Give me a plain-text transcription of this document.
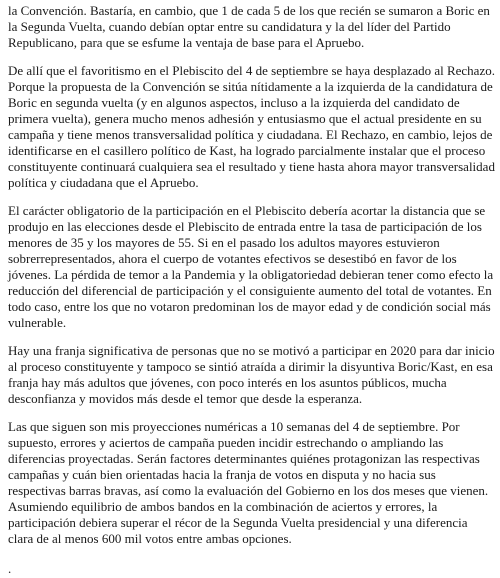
la Convención. Bastaría, en cambio, que 1 de cada 5 de los que recién se sumaron a Boric en la Segunda Vuelta, cuando debían optar entre su candidatura y la del líder del Partido Republicano, para que se esfume la ventaja de base para el Apruebo.

De allí que el favoritismo en el Plebiscito del 4 de septiembre se haya desplazado al Rechazo. Porque la propuesta de la Convención se sitúa nítidamente a la izquierda de la candidatura de Boric en segunda vuelta (y en algunos aspectos, incluso a la izquierda del candidato de primera vuelta), genera mucho menos adhesión y entusiasmo que el actual presidente en su campaña y tiene menos transversalidad política y ciudadana. El Rechazo, en cambio, lejos de identificarse en el casillero político de Kast, ha logrado parcialmente instalar que el proceso constituyente continuará cualquiera sea el resultado y tiene hasta ahora mayor transversalidad política y ciudadana que el Apruebo.

El carácter obligatorio de la participación en el Plebiscito debería acortar la distancia que se produjo en las elecciones desde el Plebiscito de entrada entre la tasa de participación de los menores de 35 y los mayores de 55. Si en el pasado los adultos mayores estuvieron sobrerrepresentados, ahora el cuerpo de votantes efectivos se desestibó en favor de los jóvenes. La pérdida de temor a la Pandemia y la obligatoriedad debieran tener como efecto la reducción del diferencial de participación y el consiguiente aumento del total de votantes. En todo caso, entre los que no votaron predominan los de mayor edad y de condición social más vulnerable.

Hay una franja significativa de personas que no se motivó a participar en 2020 para dar inicio al proceso constituyente y tampoco se sintió atraída a dirimir la disyuntiva Boric/Kast, en esa franja hay más adultos que jóvenes, con poco interés en los asuntos públicos, mucha desconfianza y movidos más desde el temor que desde la esperanza.

Las que siguen son mis proyecciones numéricas a 10 semanas del 4 de septiembre. Por supuesto, errores y aciertos de campaña pueden incidir estrechando o ampliando las diferencias proyectadas. Serán factores determinantes quiénes protagonizan las respectivas campañas y cuán bien orientadas hacia la franja de votos en disputa y no hacia sus respectivas barras bravas, así como la evaluación del Gobierno en los dos meses que vienen. Asumiendo equilibrio de ambos bandos en la combinación de aciertos y errores, la participación debiera superar el récor de la Segunda Vuelta presidencial y una diferencia clara de al menos 600 mil votos entre ambas opciones.

.
